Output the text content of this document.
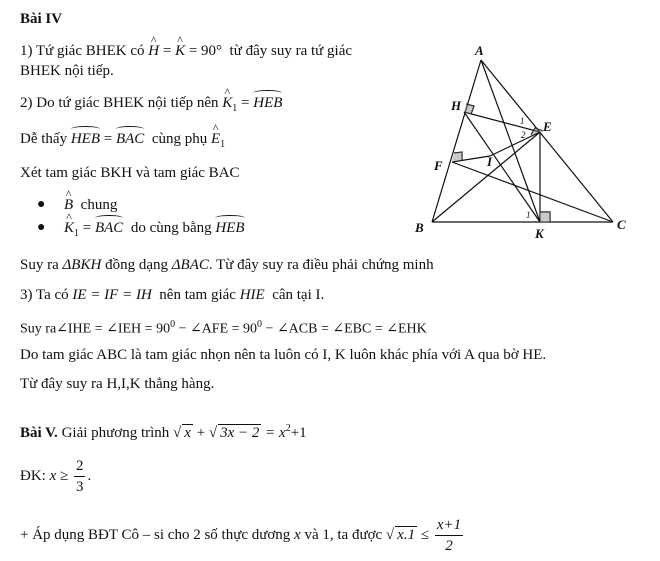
Bài IV
1) Tứ giác BHEK có ^ H = ^ K = 90° từ đây suy ra tứ giác
BHEK nội tiếp.
2) Do tứ giác BHEK nội tiếp nên ^ $K_1$ = HEB
Dễ thấy HEB = BAC cùng phụ ^ $E_1$
Xét tam giác BKH và tam giác BAC
● ^ B chung
● ^ $K_1$ = BAC do cùng bằng HEB
Suy ra ΔBKH đồng dạng ΔBAC. Từ đây suy ra điều phải chứng minh
3) Ta có IE = IF = IH nên tam giác HIE cân tại I.
Suy ra∠IHE = ∠IEH = $90^0$ − ∠AFE = $90^0$ − ∠ACB = ∠EBC = ∠EHK
Do tam giác ABC là tam giác nhọn nên ta luôn có I, K luôn khác phía với A qua bờ HE.
Từ đây suy ra H,I,K thẳng hàng.
Bài V. Giải phương trình √ x + √ $3x - 2 = x^2+1$
ĐK: $x \ge \frac{2}{3}$ .
+ Áp dụng BĐT Cô – si cho 2 số thực dương x và 1, ta được √ $x.1 \le \frac{x+1}{2}$
A
H
E
F	I
B	K
C
1
2
1
